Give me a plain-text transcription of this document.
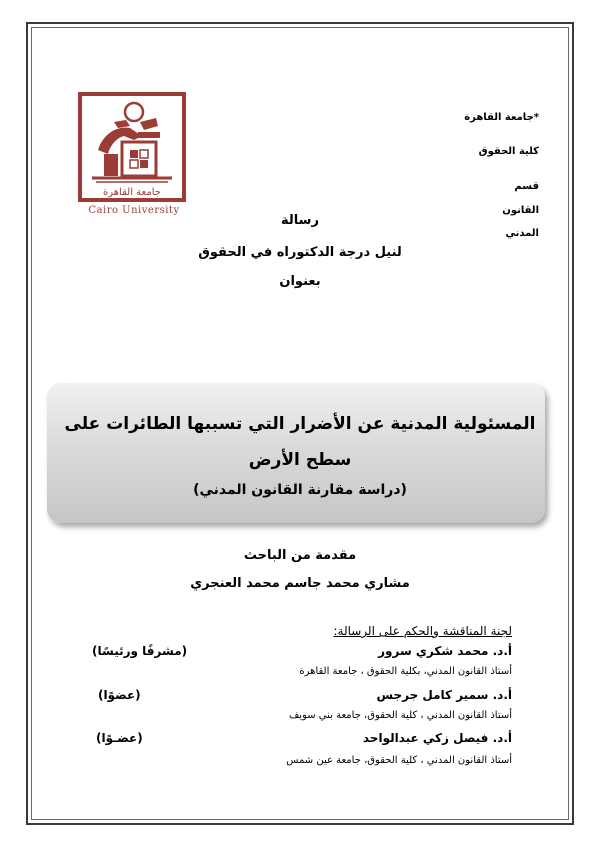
*جامعة القاهرة
كلية الحقوق
قسم
القانون
المدني
جامعة القاهرة
Cairo University
رسالة
لنيل درجة الدكتوراه في الحقوق
بعنوان
المسئولية المدنية عن الأضرار التي تسببها الطائرات على
سطح الأرض
(دراسة مقارنة القانون المدني)
مقدمة من الباحث
مشاري محمد جاسم محمد العنجري
لجنة المناقشة والحكم على الرسالة:
أ.د. محمد شكري سرور
(مشرفًا ورئيسًا)
أستاذ القانون المدني، بكلية الحقوق ، جامعة القاهرة
أ.د. سمير كامل جرجس
(عضوًا)
أستاذ القانون المدني ، كلية الحقوق، جامعة بني سويف
أ.د. فيصل زكي عبدالواحد
(عضـوًا)
أستاذ القانون المدني ، كلية الحقوق، جامعة عين شمس
